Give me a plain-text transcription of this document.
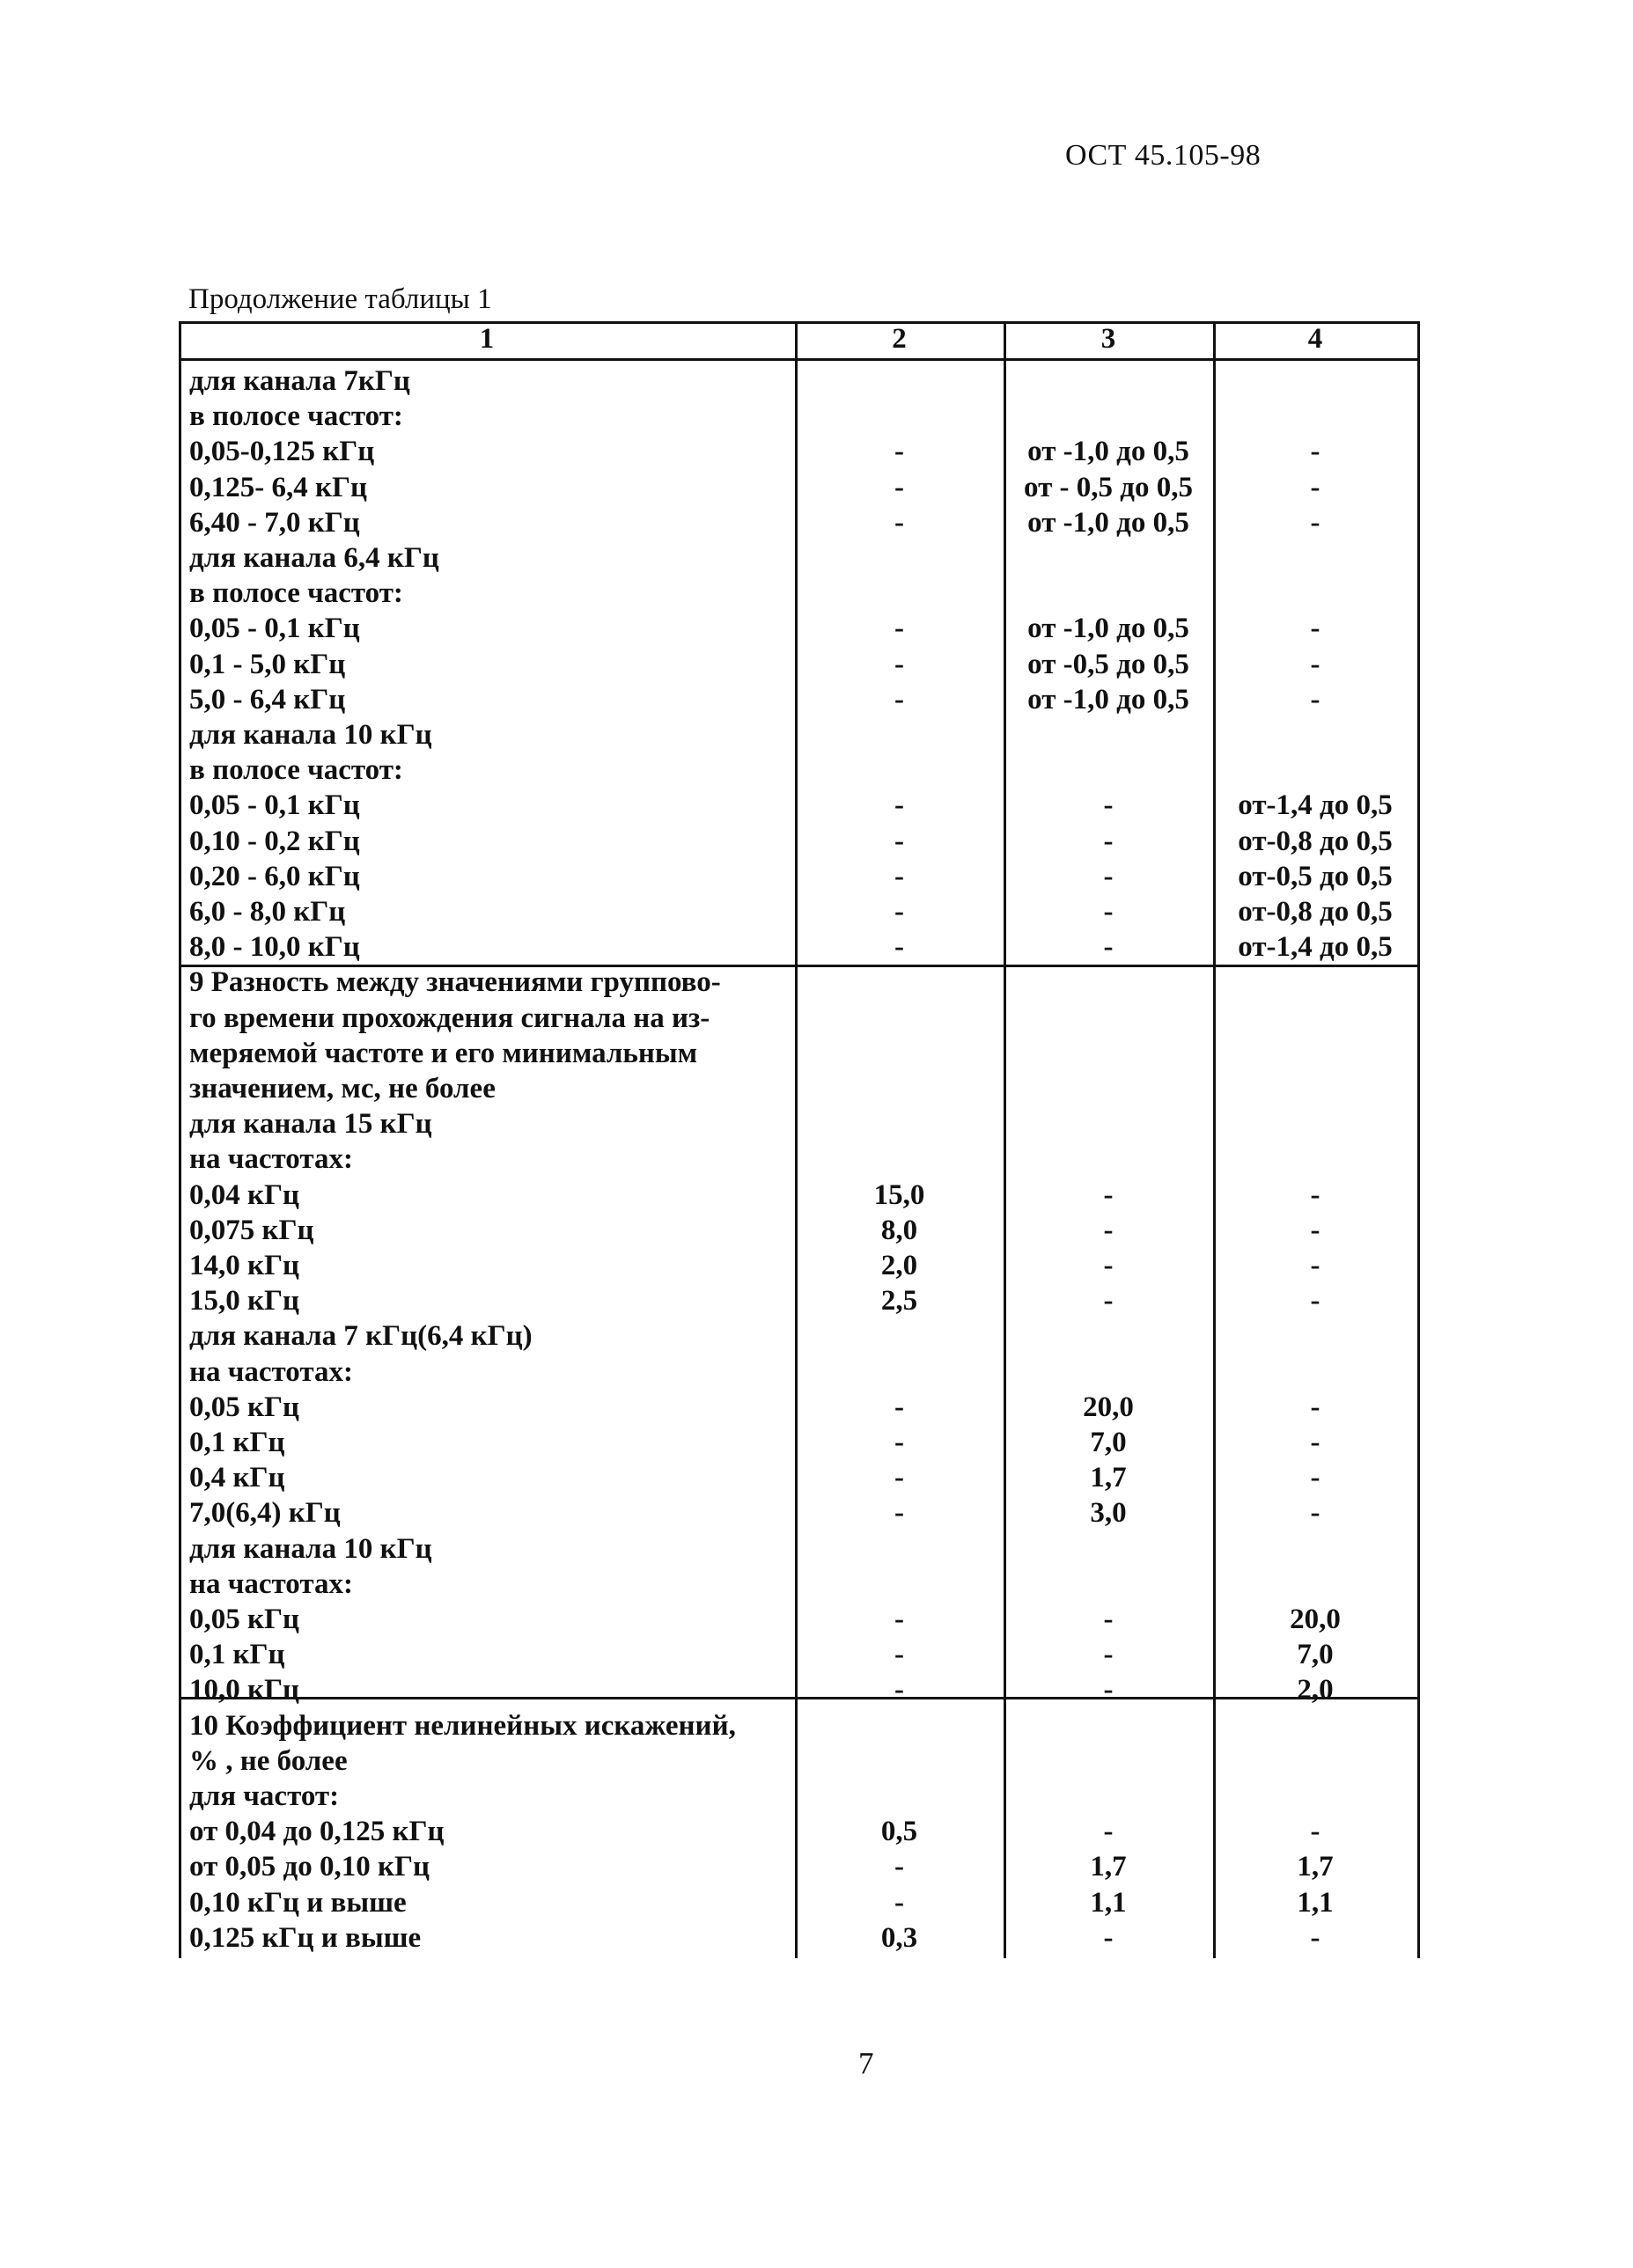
ОСТ 45.105-98
Продолжение таблицы 1
1	2	3	4
для канала 7кГц
в полосе частот:
0,05-0,125 кГц	-	от -1,0 до 0,5	-
0,125- 6,4 кГц	-	от - 0,5 до 0,5	-
6,40 - 7,0 кГц	-	от -1,0 до 0,5	-
для канала 6,4 кГц
в полосе частот:
0,05 - 0,1 кГц	-	от -1,0 до 0,5	-
0,1 - 5,0 кГц	-	от -0,5 до 0,5	-
5,0 - 6,4 кГц	-	от -1,0 до 0,5	-
для канала 10 кГц
в полосе частот:
0,05 - 0,1 кГц	-	-	от-1,4 до 0,5
0,10 - 0,2 кГц	-	-	от-0,8 до 0,5
0,20 - 6,0 кГц	-	-	от-0,5 до 0,5
6,0 - 8,0 кГц	-	-	от-0,8 до 0,5
8,0 - 10,0 кГц	-	-	от-1,4 до 0,5
9 Разность между значениями группово-
го времени прохождения сигнала на из-
меряемой частоте и его минимальным
значением, мс, не более
для канала 15 кГц
на частотах:
0,04 кГц	15,0	-	-
0,075 кГц	8,0	-	-
14,0 кГц	2,0	-	-
15,0 кГц	2,5	-	-
для канала 7 кГц(6,4 кГц)
на частотах:
0,05 кГц	-	20,0	-
0,1 кГц	-	7,0	-
0,4 кГц	-	1,7	-
7,0(6,4) кГц	-	3,0	-
для канала 10 кГц
на частотах:
0,05 кГц	-	-	20,0
0,1 кГц	-	-	7,0
10,0 кГц	-	-	2,0
10 Коэффициент нелинейных искажений,
% , не более
для частот:
от 0,04 до 0,125 кГц	0,5	-	-
от 0,05 до 0,10 кГц	-	1,7	1,7
0,10 кГц и выше	-	1,1	1,1
0,125 кГц и выше	0,3	-	-
7
